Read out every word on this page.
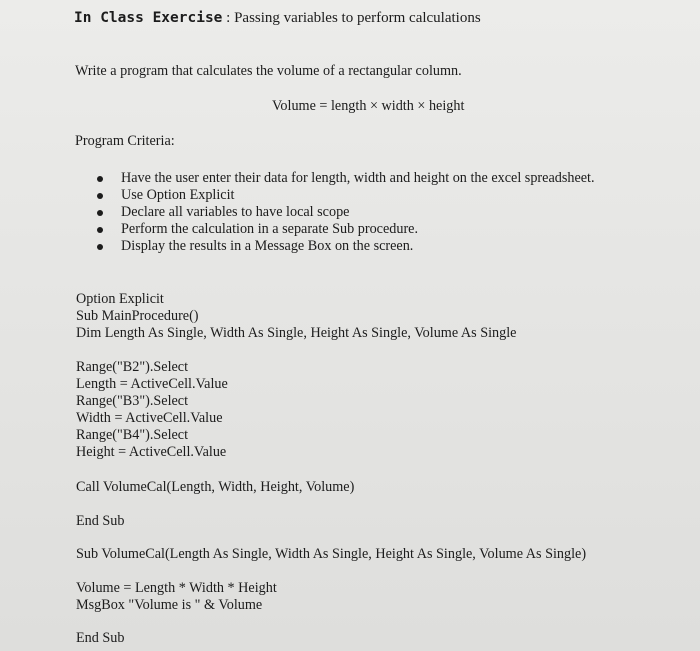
In Class Exercise : Passing variables to perform calculations
Write a program that calculates the volume of a rectangular column.
Volume = length × width × height
Program Criteria:
Have the user enter their data for length, width and height on the excel spreadsheet.
Use Option Explicit
Declare all variables to have local scope
Perform the calculation in a separate Sub procedure.
Display the results in a Message Box on the screen.
Option Explicit
Sub MainProcedure()
Dim Length As Single, Width As Single, Height As Single, Volume As Single
Range("B2").Select
Length = ActiveCell.Value
Range("B3").Select
Width = ActiveCell.Value
Range("B4").Select
Height = ActiveCell.Value
Call VolumeCal(Length, Width, Height, Volume)
End Sub
Sub VolumeCal(Length As Single, Width As Single, Height As Single, Volume As Single)
Volume = Length * Width * Height
MsgBox "Volume is " & Volume
End Sub
